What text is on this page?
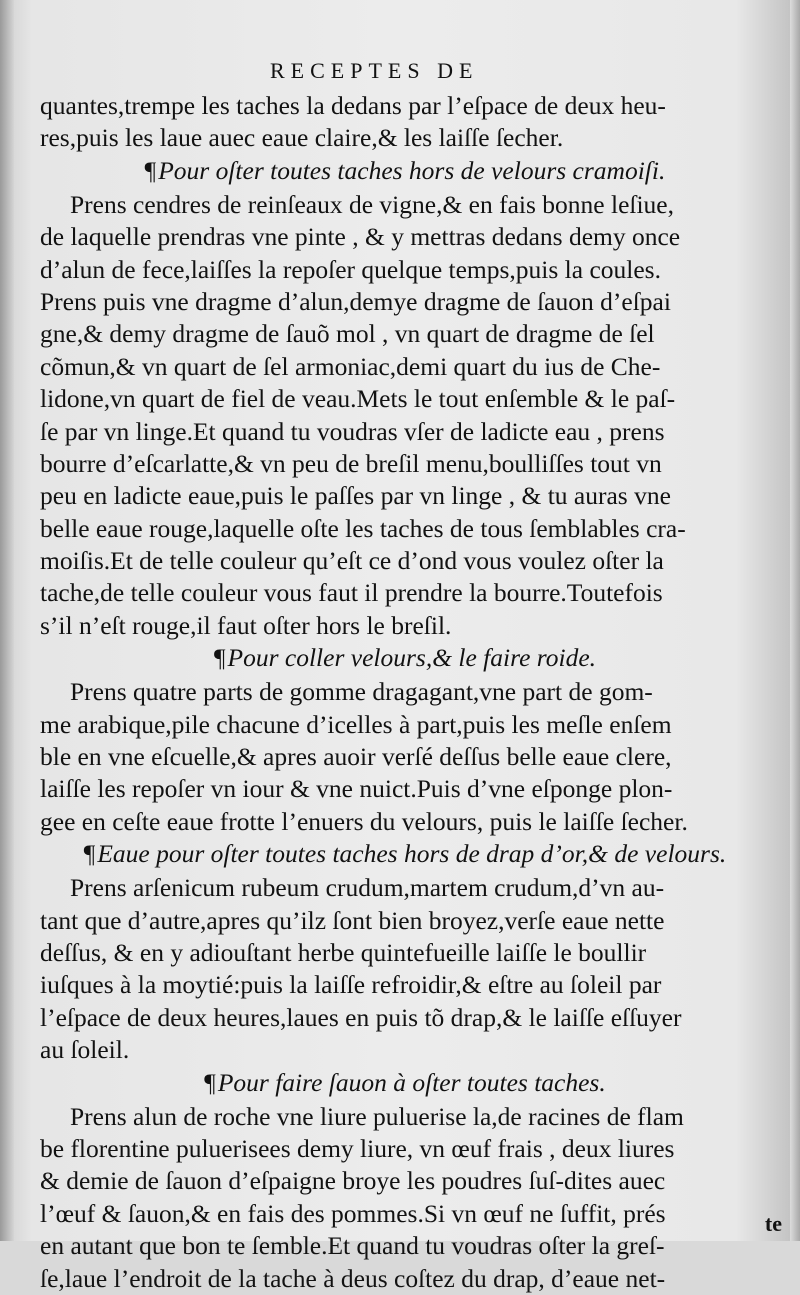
RECEPTES DE
quantes,trempe les taches la dedans par l’eſpace de deux heu-
res,puis les laue auec eaue claire,& les laiſſe ſecher.
¶Pour oſter toutes taches hors de velours cramoiſi.
Prens cendres de reinſeaux de vigne,& en fais bonne leſiue,
de laquelle prendras vne pinte , & y mettras dedans demy once
d’alun de fece,laiſſes la repoſer quelque temps,puis la coules.
Prens puis vne dragme d’alun,demye dragme de ſauon d’eſpai
gne,& demy dragme de ſauõ mol , vn quart de dragme de ſel
cõmun,& vn quart de ſel armoniac,demi quart du ius de Che-
lidone,vn quart de fiel de veau.Mets le tout enſemble & le paſ-
ſe par vn linge.Et quand tu voudras vſer de ladicte eau , prens
bourre d’eſcarlatte,& vn peu de breſil menu,boulliſſes tout vn
peu en ladicte eaue,puis le paſſes par vn linge , & tu auras vne
belle eaue rouge,laquelle oſte les taches de tous ſemblables cra-
moiſis.Et de telle couleur qu’eſt ce d’ond vous voulez oſter la
tache,de telle couleur vous faut il prendre la bourre.Toutefois
s’il n’eſt rouge,il faut oſter hors le breſil.
¶Pour coller velours,& le faire roide.
Prens quatre parts de gomme dragagant,vne part de gom-
me arabique,pile chacune d’icelles à part,puis les meſle enſem
ble en vne eſcuelle,& apres auoir verſé deſſus belle eaue clere,
laiſſe les repoſer vn iour & vne nuict.Puis d’vne eſponge plon-
gee en ceſte eaue frotte l’enuers du velours, puis le laiſſe ſecher.
¶Eaue pour oſter toutes taches hors de drap d’or,& de velours.
Prens arſenicum rubeum crudum,martem crudum,d’vn au-
tant que d’autre,apres qu’ilz ſont bien broyez,verſe eaue nette
deſſus, & en y adiouſtant herbe quintefueille laiſſe le boullir
iuſques à la moytié:puis la laiſſe refroidir,& eſtre au ſoleil par
l’eſpace de deux heures,laues en puis tõ drap,& le laiſſe eſſuyer
au ſoleil.
¶Pour faire ſauon à oſter toutes taches.
Prens alun de roche vne liure puluerise la,de racines de flam
be florentine puluerisees demy liure, vn œuf frais , deux liures
& demie de ſauon d’eſpaigne broye les poudres ſuſ-dites auec
l’œuf & ſauon,& en fais des pommes.Si vn œuf ne ſuffit, prés
en autant que bon te ſemble.Et quand tu voudras oſter la greſ-
ſe,laue l’endroit de la tache à deus coſtez du drap, d’eaue net-
te
